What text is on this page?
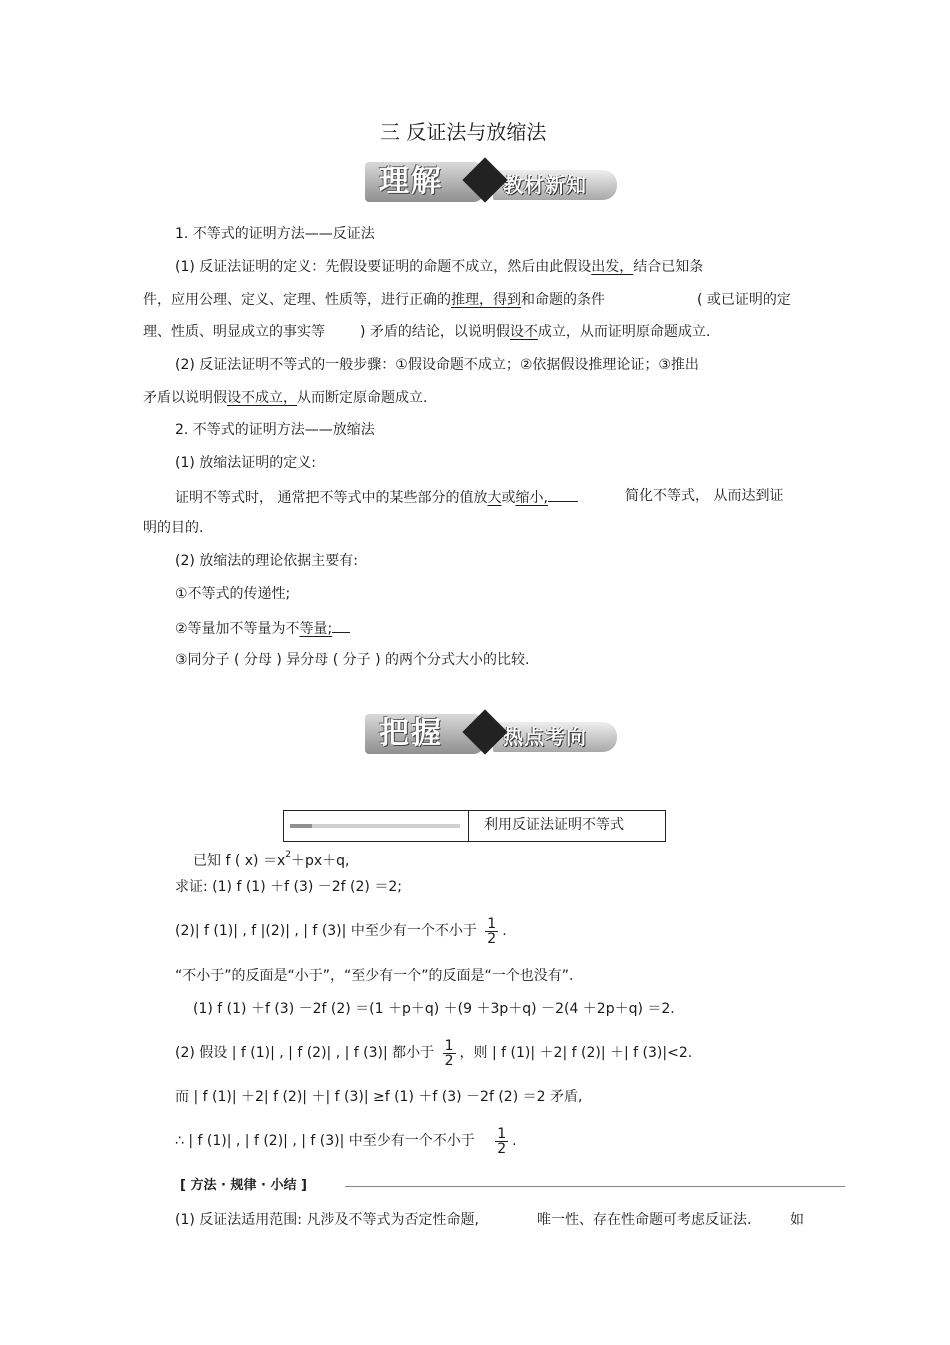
三 反证法与放缩法
理解	教材新知
1. 不等式的证明方法——反证法
(1) 反证法证明的定义：先假设要证明的命题不成立，然后由此假设出发，结合已知条
件，应用公理、定义、定理、性质等，进行正确的推理，得到和命题的条件	( 或已证明的定
理、性质、明显成立的事实等	) 矛盾的结论，以说明假设不成立，从而证明原命题成立.
(2) 反证法证明不等式的一般步骤：①假设命题不成立；②依据假设推理论证；③推出
矛盾以说明假设不成立，从而断定原命题成立.
2. 不等式的证明方法——放缩法
(1) 放缩法证明的定义:
证明不等式时， 通常把不等式中的某些部分的值放大或缩小,	简化不等式， 从而达到证
明的目的.
(2) 放缩法的理论依据主要有:
①不等式的传递性;
②等量加不等量为不等量;
③同分子 ( 分母 ) 异分母 ( 分子 ) 的两个分式大小的比较.
把握	热点考向
利用反证法证明不等式
已知 f ( $x) =x^2+px+q$,
求证: (1) f (1) ＋f (3) －2f (2) ＝2;
(2)| f (1)| , f |(2)| , | f (3)| 中至少有一个不小于 $\frac{1}{2}$ .
“不小于”的反面是“小于”，“至少有一个”的反面是“一个也没有”.
(1) f (1) ＋f (3) －2f (2) ＝(1 ＋p＋q) ＋(9 ＋3p＋q) －2(4 ＋2p＋q) ＝2.
(2) 假设 | f (1)| , | f (2)| , | f (3)| 都小于 $\frac{1}{2}$ ，则 | f (1)| ＋2| f (2)| ＋| f (3)|<2.
而 | f (1)| ＋2| f (2)| ＋| f (3)| ≥f (1) ＋f (3) －2f (2) ＝2 矛盾,
∴ | f (1)| , | f (2)| , | f (3)| 中至少有一个不小于 $\frac{1}{2}$ .
[ 方法 · 规律 · 小结 ]
(1) 反证法适用范围: 凡涉及不等式为否定性命题,	唯一性、存在性命题可考虑反证法.	如
